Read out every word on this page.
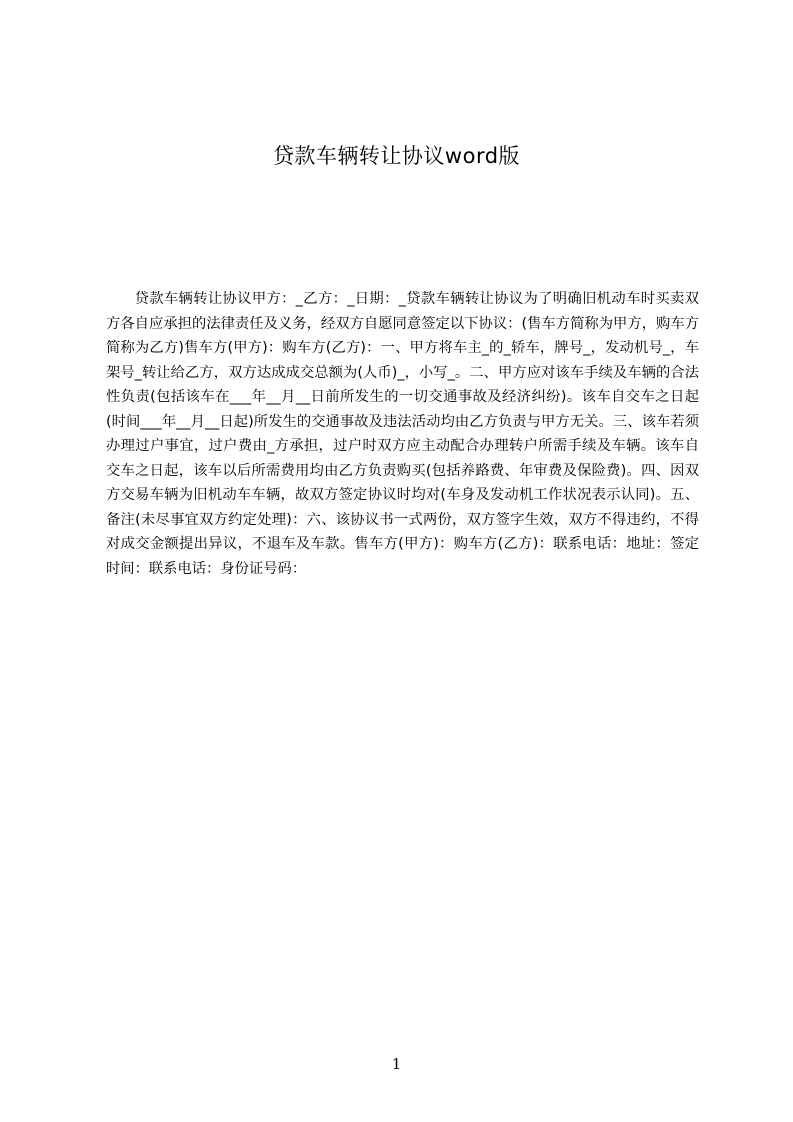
贷款车辆转让协议word版

贷款车辆转让协议甲方：_乙方：_日期：_贷款车辆转让协议为了明确旧机动车时买卖双方各自应承担的法律责任及义务，经双方自愿同意签定以下协议：(售车方简称为甲方，购车方简称为乙方)售车方(甲方)：购车方(乙方)：一、甲方将车主_的_轿车，牌号_，发动机号_，车架号_转让给乙方，双方达成成交总额为(人币)_，小写_。二、甲方应对该车手续及车辆的合法性负责(包括该车在___年__月__日前所发生的一切交通事故及经济纠纷)。该车自交车之日起(时间___年__月__日起)所发生的交通事故及违法活动均由乙方负责与甲方无关。三、该车若须办理过户事宜，过户费由_方承担，过户时双方应主动配合办理转户所需手续及车辆。该车自交车之日起，该车以后所需费用均由乙方负责购买(包括养路费、年审费及保险费)。四、因双方交易车辆为旧机动车车辆，故双方签定协议时均对(车身及发动机工作状况表示认同)。五、备注(未尽事宜双方约定处理)：六、该协议书一式两份，双方签字生效，双方不得违约，不得对成交金额提出异议，不退车及车款。售车方(甲方)：购车方(乙方)：联系电话：地址：签定时间：联系电话：身份证号码：

1
